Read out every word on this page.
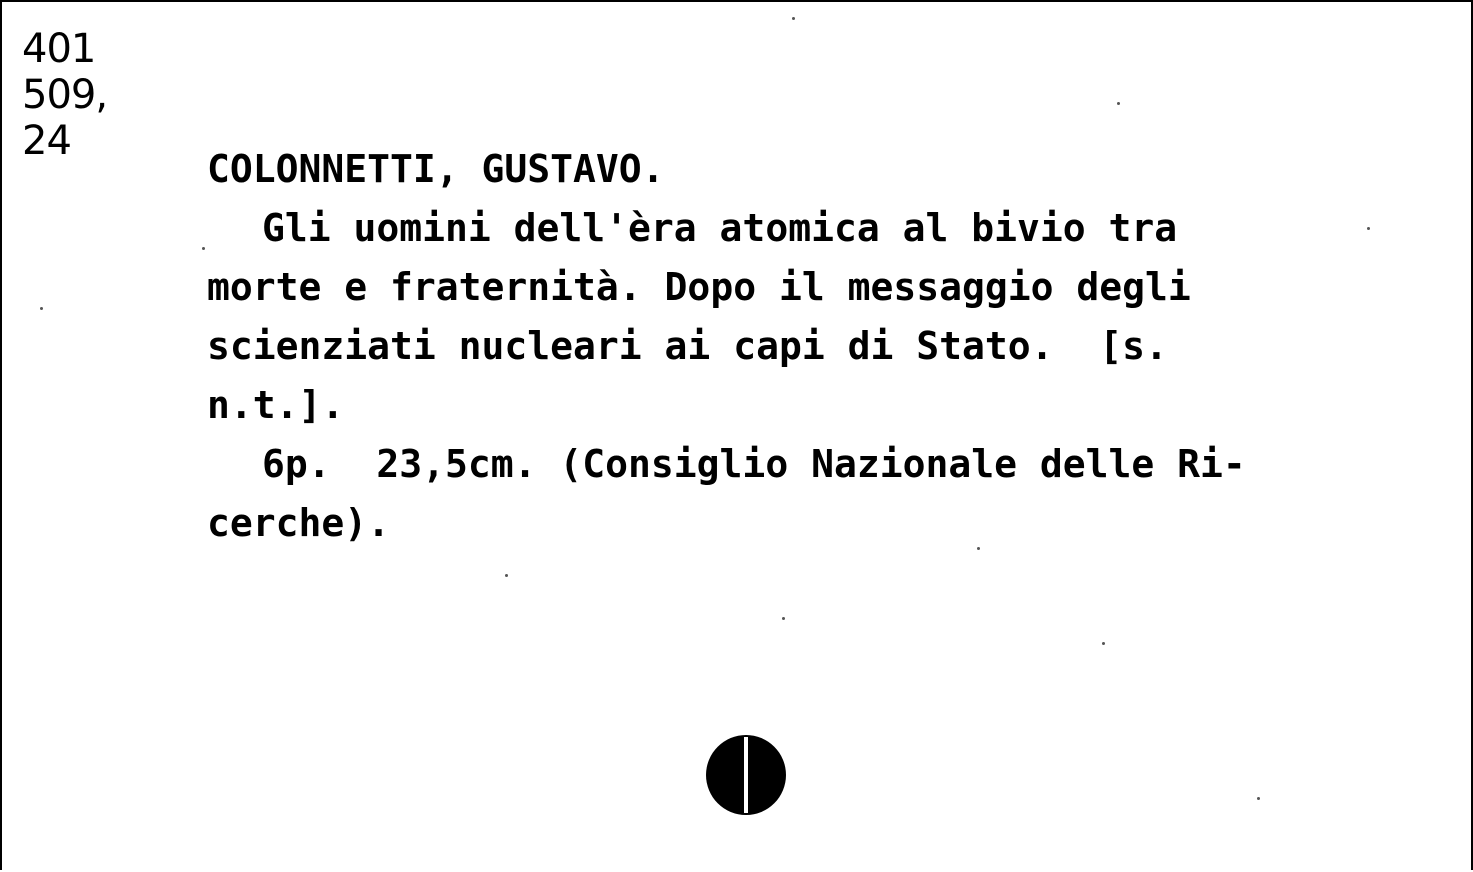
401
509,
24
COLONNETTI, GUSTAVO.
Gli uomini dell'èra atomica al bivio tra
morte e fraternità. Dopo il messaggio degli
scienziati nucleari ai capi di Stato.  [s.
n.t.].
6p.  23,5cm. (Consiglio Nazionale delle Ri-
cerche).
